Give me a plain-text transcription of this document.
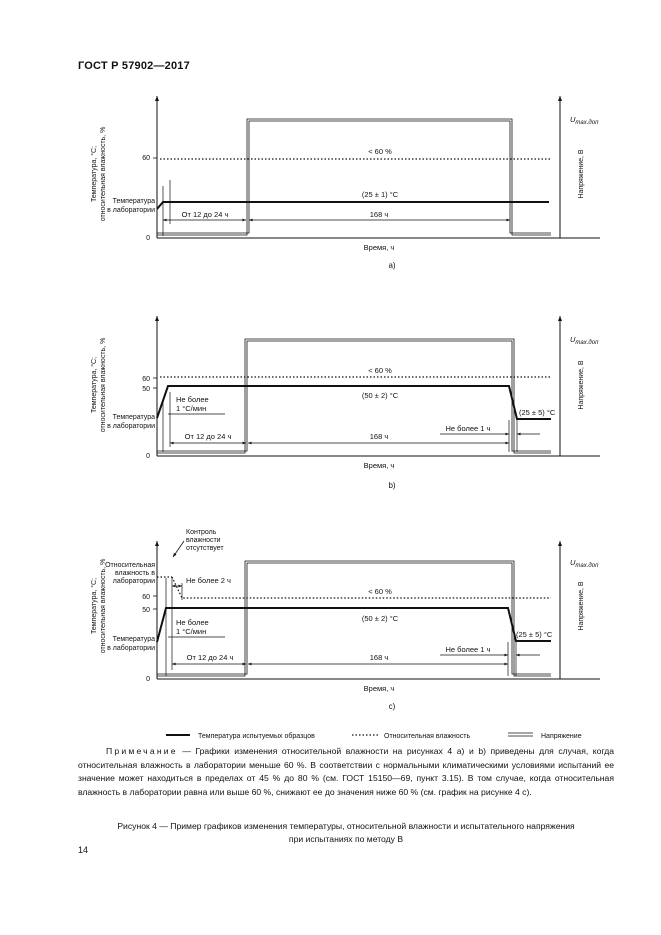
ГОСТ Р 57902—2017
60
0
От 12 до 24 ч	168 ч
< 60 %
(25 ± 1) °С
Температура
в лаборатории
Температура, °С; относительная влажность, %	Напряжение, В
$U_{max.доп}$
Время, ч
a)
60
50
0
От 12 до 24 ч	168 ч
Не более 1 ч
(25 ± 5) °С
< 60 %
(50 ± 2) °С
Не более
1 °С/мин
Температура
в лаборатории
Температура, °С; относительная влажность, %	Напряжение, В
$U_{max.доп}$
Время, ч
b)
60
50
0
Не более 2 ч
Контроль
влажности
отсутствует
Относительная
влажность в
лаборатории
От 12 до 24 ч	168 ч
Не более 1 ч
(25 ± 5) °С
< 60 %
(50 ± 2) °С
Не более
1 °С/мин
Температура
в лаборатории
Температура, °С; относительная влажность, %	Напряжение, В
$U_{max.доп}$
Время, ч
c)
Температура испытуемых образцов	Относительная влажность	Напряжение
Примечание — Графики изменения относительной влажности на рисунках 4 a) и b) приведены для случая, когда относительная влажность в лаборатории меньше 60 %. В соответствии с нормальными климатическими условиями испытаний ее значение может находиться в пределах от 45 % до 80 % (см. ГОСТ 15150—69, пункт 3.15). В том случае, когда относительная влажность в лаборатории равна или выше 60 %, снижают ее до значения ниже 60 % (см. график на рисунке 4 c).
Рисунок 4 — Пример графиков изменения температуры, относительной влажности и испытательного напряжения
при испытаниях по методу В
14
